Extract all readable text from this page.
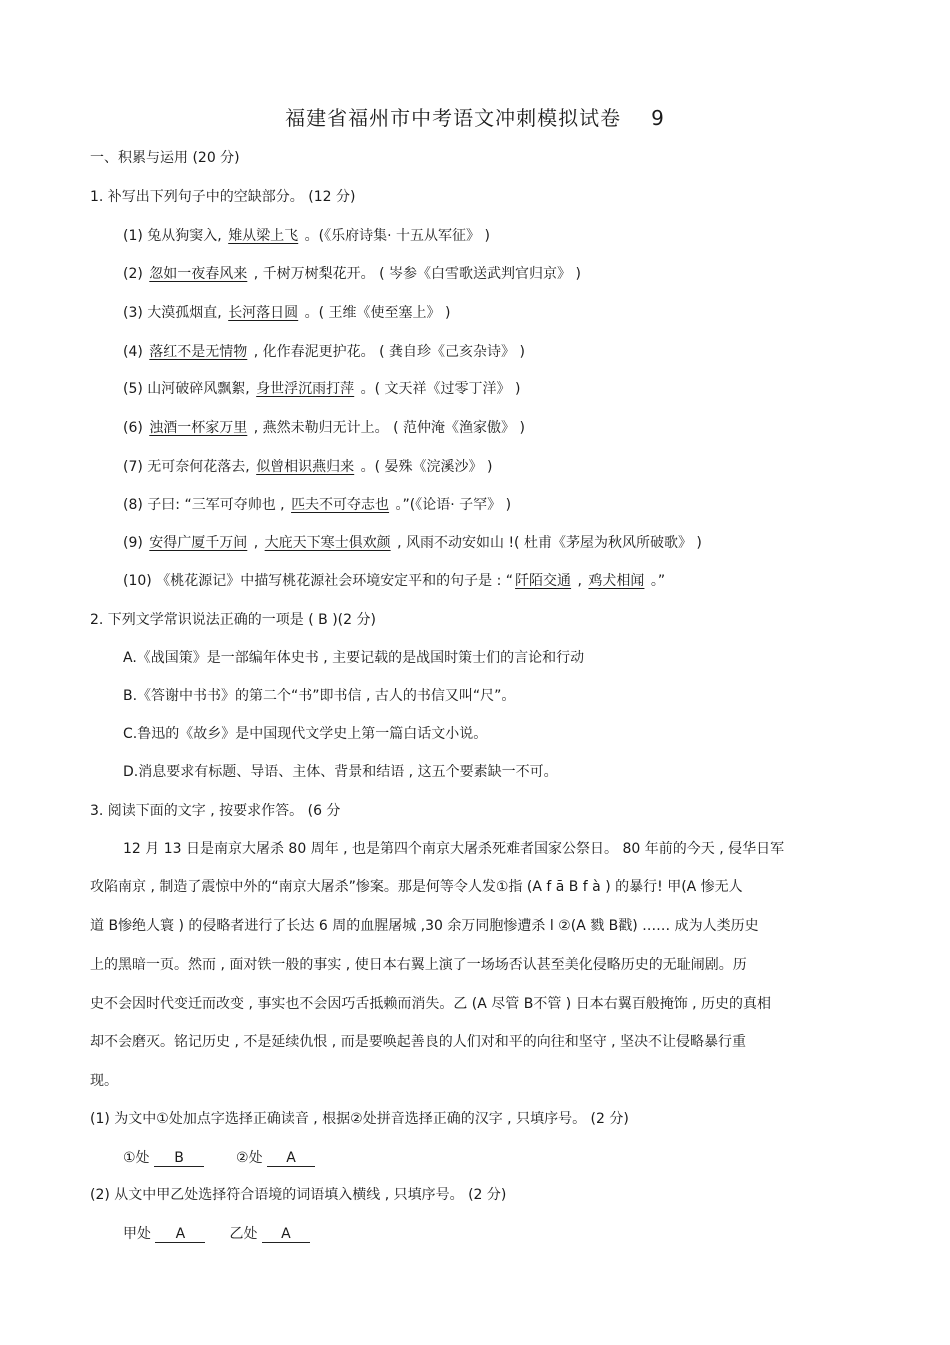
福建省福州市中考语文冲刺模拟试卷 9
一、积累与运用 (20 分)
1. 补写出下列句子中的空缺部分。 (12 分)
(1) 兔从狗窦入, 雉从梁上飞 。(《乐府诗集· 十五从军征》 )
(2) 忽如一夜春风来 , 千树万树梨花开。 ( 岑参《白雪歌送武判官归京》 )
(3) 大漠孤烟直, 长河落日圆 。( 王维《使至塞上》 )
(4) 落红不是无情物 , 化作春泥更护花。 ( 龚自珍《己亥杂诗》 )
(5) 山河破碎风飘絮, 身世浮沉雨打萍 。( 文天祥《过零丁洋》 )
(6) 浊酒一杯家万里 , 燕然未勒归无计上。 ( 范仲淹《渔家傲》 )
(7) 无可奈何花落去, 似曾相识燕归来 。( 晏殊《浣溪沙》 )
(8) 子曰: “三军可夺帅也 , 匹夫不可夺志也 。”(《论语· 子罕》 )
(9) 安得广厦千万间 , 大庇天下寒士俱欢颜 , 风雨不动安如山 !( 杜甫《茅屋为秋风所破歌》 )
(10) 《桃花源记》中描写桃花源社会环境安定平和的句子是 : “ 阡陌交通 , 鸡犬相闻 。”
2. 下列文学常识说法正确的一项是 ( B )(2 分)
A.《战国策》是一部编年体史书 , 主要记载的是战国时策士们的言论和行动
B.《答谢中书书》的第二个“书”即书信 , 古人的书信又叫“尺”。
C.鲁迅的《故乡》是中国现代文学史上第一篇白话文小说。
D.消息要求有标题、导语、主体、背景和结语 , 这五个要素缺一不可。
3. 阅读下面的文字 , 按要求作答。 (6 分
12 月 13 日是南京大屠杀 80 周年 , 也是第四个南京大屠杀死难者国家公祭日。 80 年前的今天 , 侵华日军
攻陷南京 , 制造了震惊中外的“南京大屠杀”惨案。那是何等令人发①指 (A f ā B f à ) 的暴行! 甲(A 惨无人
道 B惨绝人寰 ) 的侵略者进行了长达 6 周的血腥屠城 ,30 余万同胞惨遭杀 l ②(A 戮 B戳) …… 成为人类历史
上的黑暗一页。然而 , 面对铁一般的事实 , 使日本右翼上演了一场场否认甚至美化侵略历史的无耻闹剧。历
史不会因时代变迁而改变 , 事实也不会因巧舌抵赖而消失。乙 (A 尽管 B不管 ) 日本右翼百般掩饰 , 历史的真相
却不会磨灭。铭记历史 , 不是延续仇恨 , 而是要唤起善良的人们对和平的向往和坚守 , 坚决不让侵略暴行重
现。
(1) 为文中①处加点字选择正确读音 , 根据②处拼音选择正确的汉字 , 只填序号。 (2 分)
①处 B	②处 A
(2) 从文中甲乙处选择符合语境的词语填入横线 , 只填序号。 (2 分)
甲处 A	乙处 A
